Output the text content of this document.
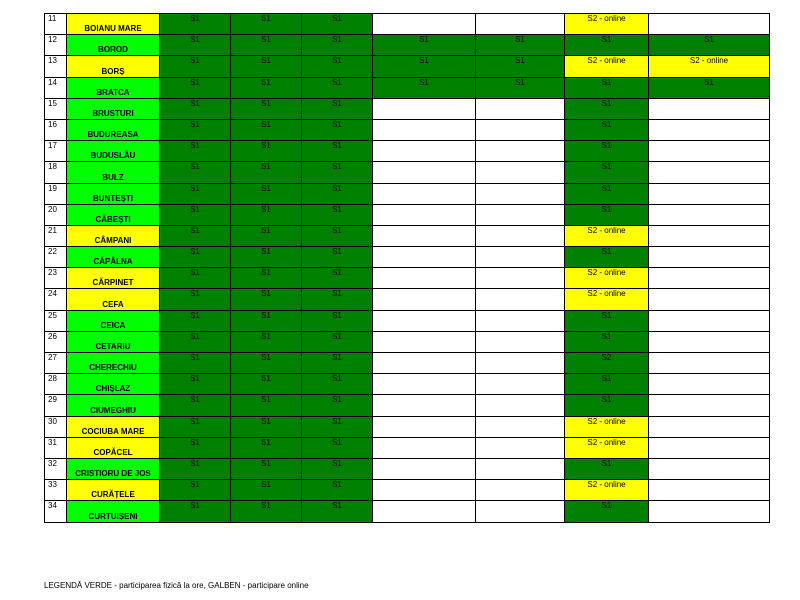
11	BOIANU MARE	S1	S1	S1			S2 - online	
12	BOROD	S1	S1	S1	S1	S1	S1	S1
13	BORȘ	S1	S1	S1	S1	S1	S2 - online	S2 - online
14	BRATCA	S1	S1	S1	S1	S1	S1	S1
15	BRUSTURI	S1	S1	S1			S1	
16	BUDUREASA	S1	S1	S1			S1	
17	BUDUSLĂU	S1	S1	S1			S1	
18	BULZ	S1	S1	S1			S1	
19	BUNTEȘTI	S1	S1	S1			S1	
20	CĂBEȘTI	S1	S1	S1			S1	
21	CÂMPANI	S1	S1	S1			S2 - online	
22	CĂPÂLNA	S1	S1	S1			S1	
23	CĂRPINET	S1	S1	S1			S2 - online	
24	CEFA	S1	S1	S1			S2 - online	
25	CEICA	S1	S1	S1			S1	
26	CETARIU	S1	S1	S1			S1	
27	CHERECHIU	S1	S1	S1			S2	
28	CHIȘLAZ	S1	S1	S1			S1	
29	CIUMEGHIU	S1	S1	S1			S1	
30	COCIUBA MARE	S1	S1	S1			S2 - online	
31	COPĂCEL	S1	S1	S1			S2 - online	
32	CRISTIORU DE JOS	S1	S1	S1			S1	
33	CURĂȚELE	S1	S1	S1			S2 - online	
34	CURTUIȘENI	S1	S1	S1			S1	
LEGENDĂ VERDE - participarea fizică la ore, GALBEN - participare online
